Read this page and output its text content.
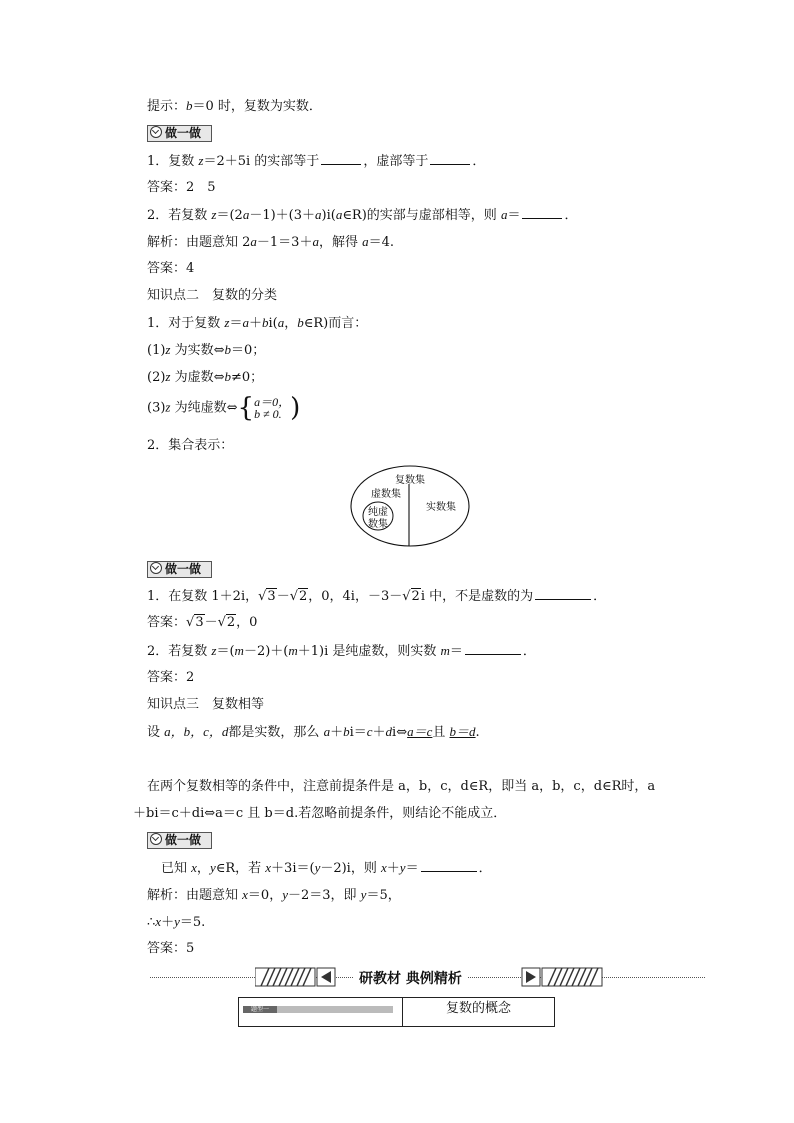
提示：b＝0 时，复数为实数．
做一做
1．复数 z＝2＋5i 的实部等于	，虚部等于	．
答案：2　5
2．若复数 z＝(2a－1)＋(3＋a)i(a∈R)的实部与虚部相等，则 a＝	．
解析：由题意知 2a－1＝3＋a，解得 a＝4.
答案：4
知识点二　复数的分类
1．对于复数 z＝a＋bi(a，b∈R)而言：
(1)z 为实数⇔b＝0；
(2)z 为虚数⇔b≠0；
(3)z 为纯虚数⇔{a＝0，
b ≠ 0. )
2．集合表示：
复数集
虚数集
纯虚
数集
实数集
做一做
1．在复数 1＋2i，√3－√2，0，4i，－3－√2i 中，不是虚数的为	．
答案：√3－√2，0
2．若复数 z＝(m－2)＋(m＋1)i 是纯虚数，则实数 m＝	．
答案：2
知识点三　复数相等
设 a，b，c，d都是实数，那么 a＋bi＝c＋di⇔a＝c且 b＝d.
在两个复数相等的条件中，注意前提条件是 a，b，c，d∈R，即当 a，b，c，d∈R时，a
＋bi＝c＋di⇔a＝c 且 b＝d.若忽略前提条件，则结论不能成立．
做一做
已知 x，y∈R，若 x＋3i＝(y－2)i，则 x＋y＝	．
解析：由题意知 x＝0，y－2＝3，即 y＝5，
∴x＋y＝5.
答案：5
研教材 典例精析
题型一	复数的概念
